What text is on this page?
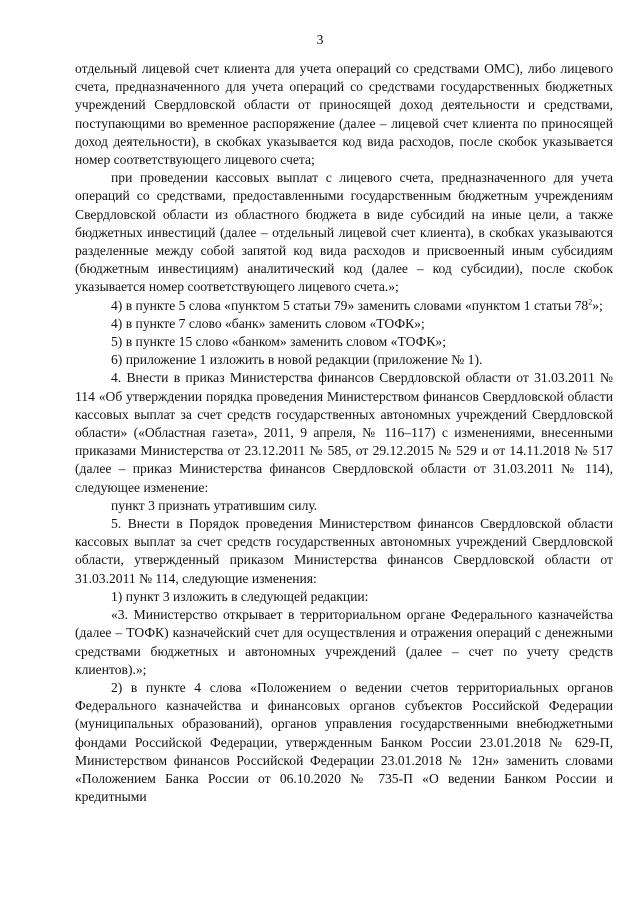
3

отдельный лицевой счет клиента для учета операций со средствами ОМС), либо лицевого счета, предназначенного для учета операций со средствами государственных бюджетных учреждений Свердловской области от приносящей доход деятельности и средствами, поступающими во временное распоряжение (далее – лицевой счет клиента по приносящей доход деятельности), в скобках указывается код вида расходов, после скобок указывается номер соответствующего лицевого счета;

при проведении кассовых выплат с лицевого счета, предназначенного для учета операций со средствами, предоставленными государственным бюджетным учреждениям Свердловской области из областного бюджета в виде субсидий на иные цели, а также бюджетных инвестиций (далее – отдельный лицевой счет клиента), в скобках указываются разделенные между собой запятой код вида расходов и присвоенный иным субсидиям (бюджетным инвестициям) аналитический код (далее – код субсидии), после скобок указывается номер соответствующего лицевого счета.»;

4) в пункте 5 слова «пунктом 5 статьи 79» заменить словами «пунктом 1 статьи $78^2$»;

4) в пункте 7 слово «банк» заменить словом «ТОФК»;

5) в пункте 15 слово «банком» заменить словом «ТОФК»;

6) приложение 1 изложить в новой редакции (приложение № 1).

4. Внести в приказ Министерства финансов Свердловской области от 31.03.2011 № 114 «Об утверждении порядка проведения Министерством финансов Свердловской области кассовых выплат за счет средств государственных автономных учреждений Свердловской области» («Областная газета», 2011, 9 апреля, № 116–117) с изменениями, внесенными приказами Министерства от 23.12.2011 № 585, от 29.12.2015 № 529 и от 14.11.2018 № 517 (далее – приказ Министерства финансов Свердловской области от 31.03.2011 № 114), следующее изменение:

пункт 3 признать утратившим силу.

5. Внести в Порядок проведения Министерством финансов Свердловской области кассовых выплат за счет средств государственных автономных учреждений Свердловской области, утвержденный приказом Министерства финансов Свердловской области от 31.03.2011 № 114, следующие изменения:

1) пункт 3 изложить в следующей редакции:

«3. Министерство открывает в территориальном органе Федерального казначейства (далее – ТОФК) казначейский счет для осуществления и отражения операций с денежными средствами бюджетных и автономных учреждений (далее – счет по учету средств клиентов).»;

2) в пункте 4 слова «Положением о ведении счетов территориальных органов Федерального казначейства и финансовых органов субъектов Российской Федерации (муниципальных образований), органов управления государственными внебюджетными фондами Российской Федерации, утвержденным Банком России 23.01.2018 № 629-П, Министерством финансов Российской Федерации 23.01.2018 № 12н» заменить словами «Положением Банка России от 06.10.2020 № 735-П «О ведении Банком России и кредитными
